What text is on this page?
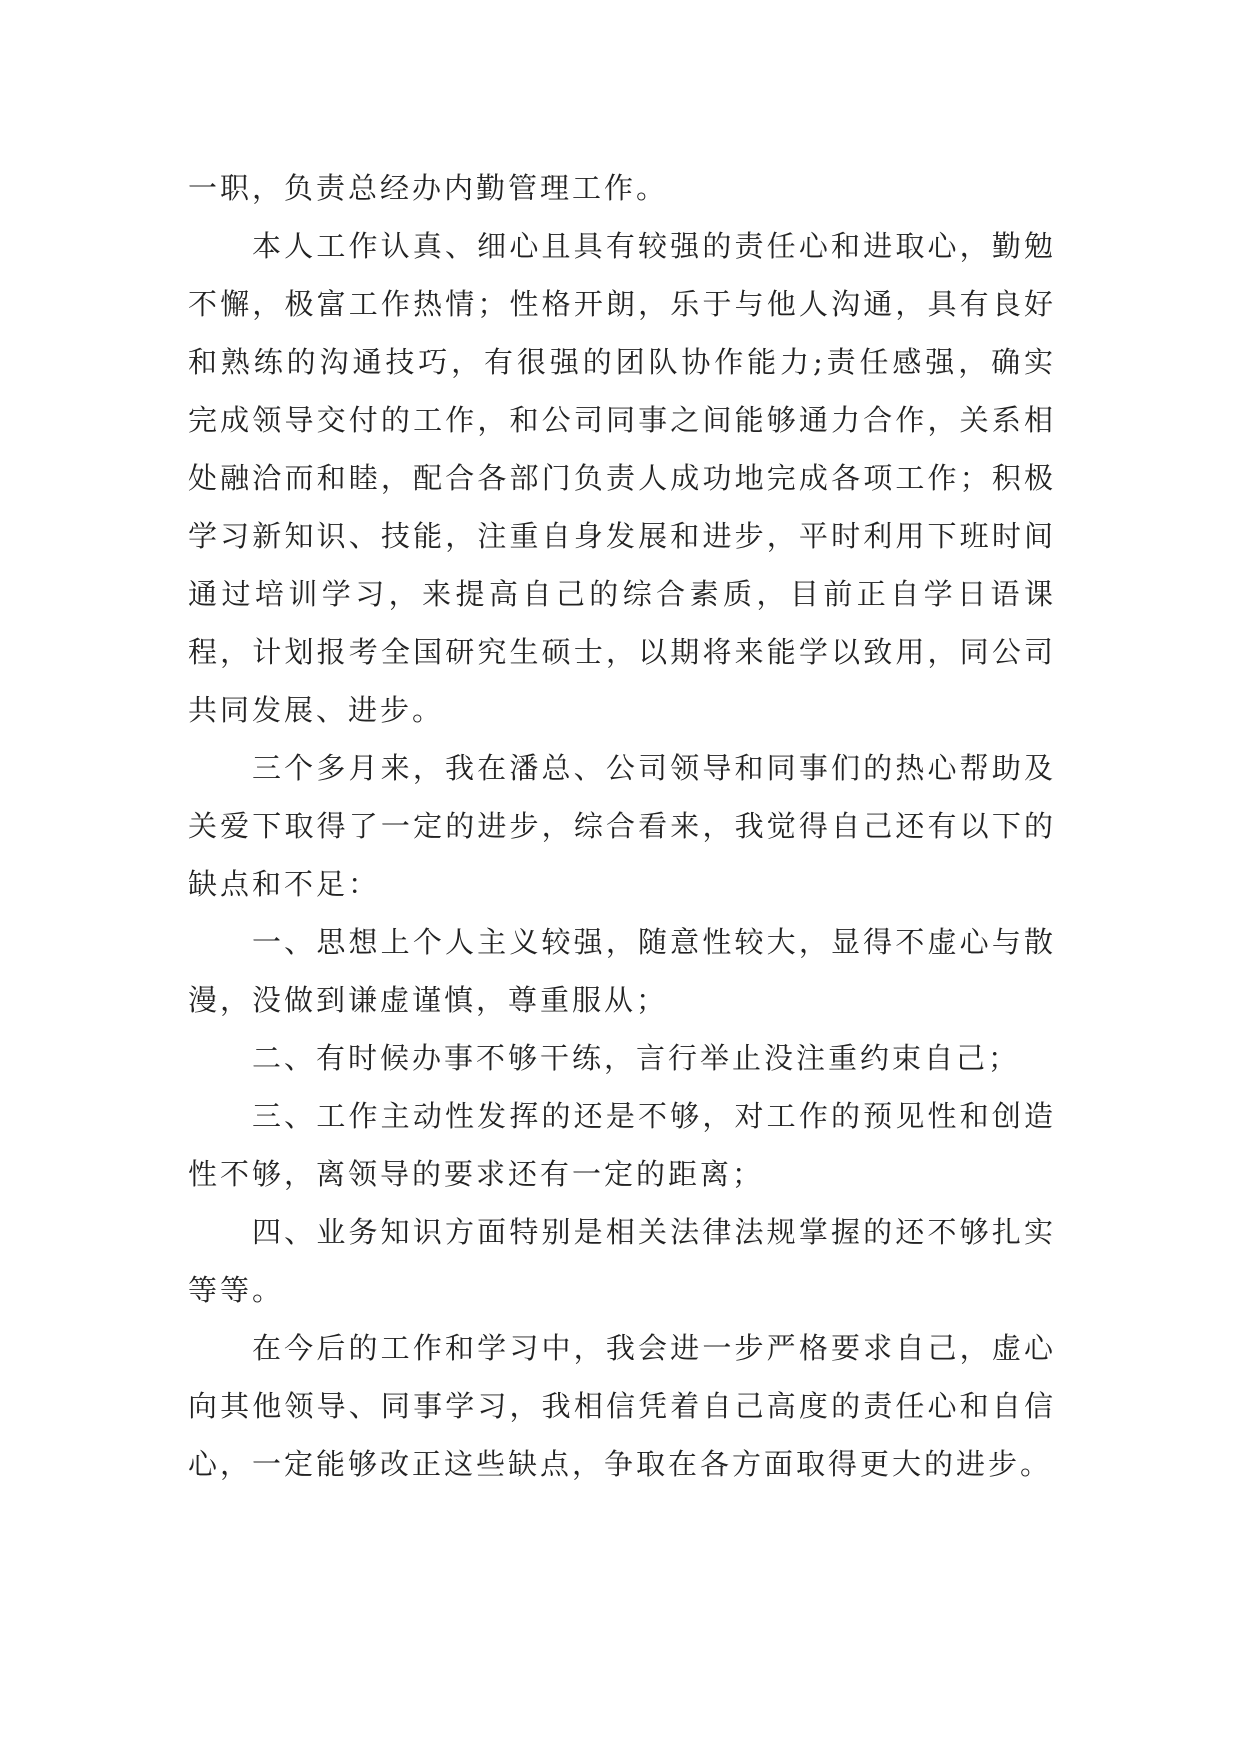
一职，负责总经办内勤管理工作。

本人工作认真、细心且具有较强的责任心和进取心，勤勉不懈，极富工作热情；性格开朗，乐于与他人沟通，具有良好和熟练的沟通技巧，有很强的团队协作能力;责任感强，确实完成领导交付的工作，和公司同事之间能够通力合作，关系相处融洽而和睦，配合各部门负责人成功地完成各项工作；积极学习新知识、技能，注重自身发展和进步，平时利用下班时间通过培训学习，来提高自己的综合素质，目前正自学日语课程，计划报考全国研究生硕士，以期将来能学以致用，同公司共同发展、进步。

三个多月来，我在潘总、公司领导和同事们的热心帮助及关爱下取得了一定的进步，综合看来，我觉得自己还有以下的缺点和不足：

一、思想上个人主义较强，随意性较大，显得不虚心与散漫，没做到谦虚谨慎，尊重服从；

二、有时候办事不够干练，言行举止没注重约束自己；

三、工作主动性发挥的还是不够，对工作的预见性和创造性不够，离领导的要求还有一定的距离；

四、业务知识方面特别是相关法律法规掌握的还不够扎实等等。

在今后的工作和学习中，我会进一步严格要求自己，虚心向其他领导、同事学习，我相信凭着自己高度的责任心和自信心，一定能够改正这些缺点，争取在各方面取得更大的进步。
